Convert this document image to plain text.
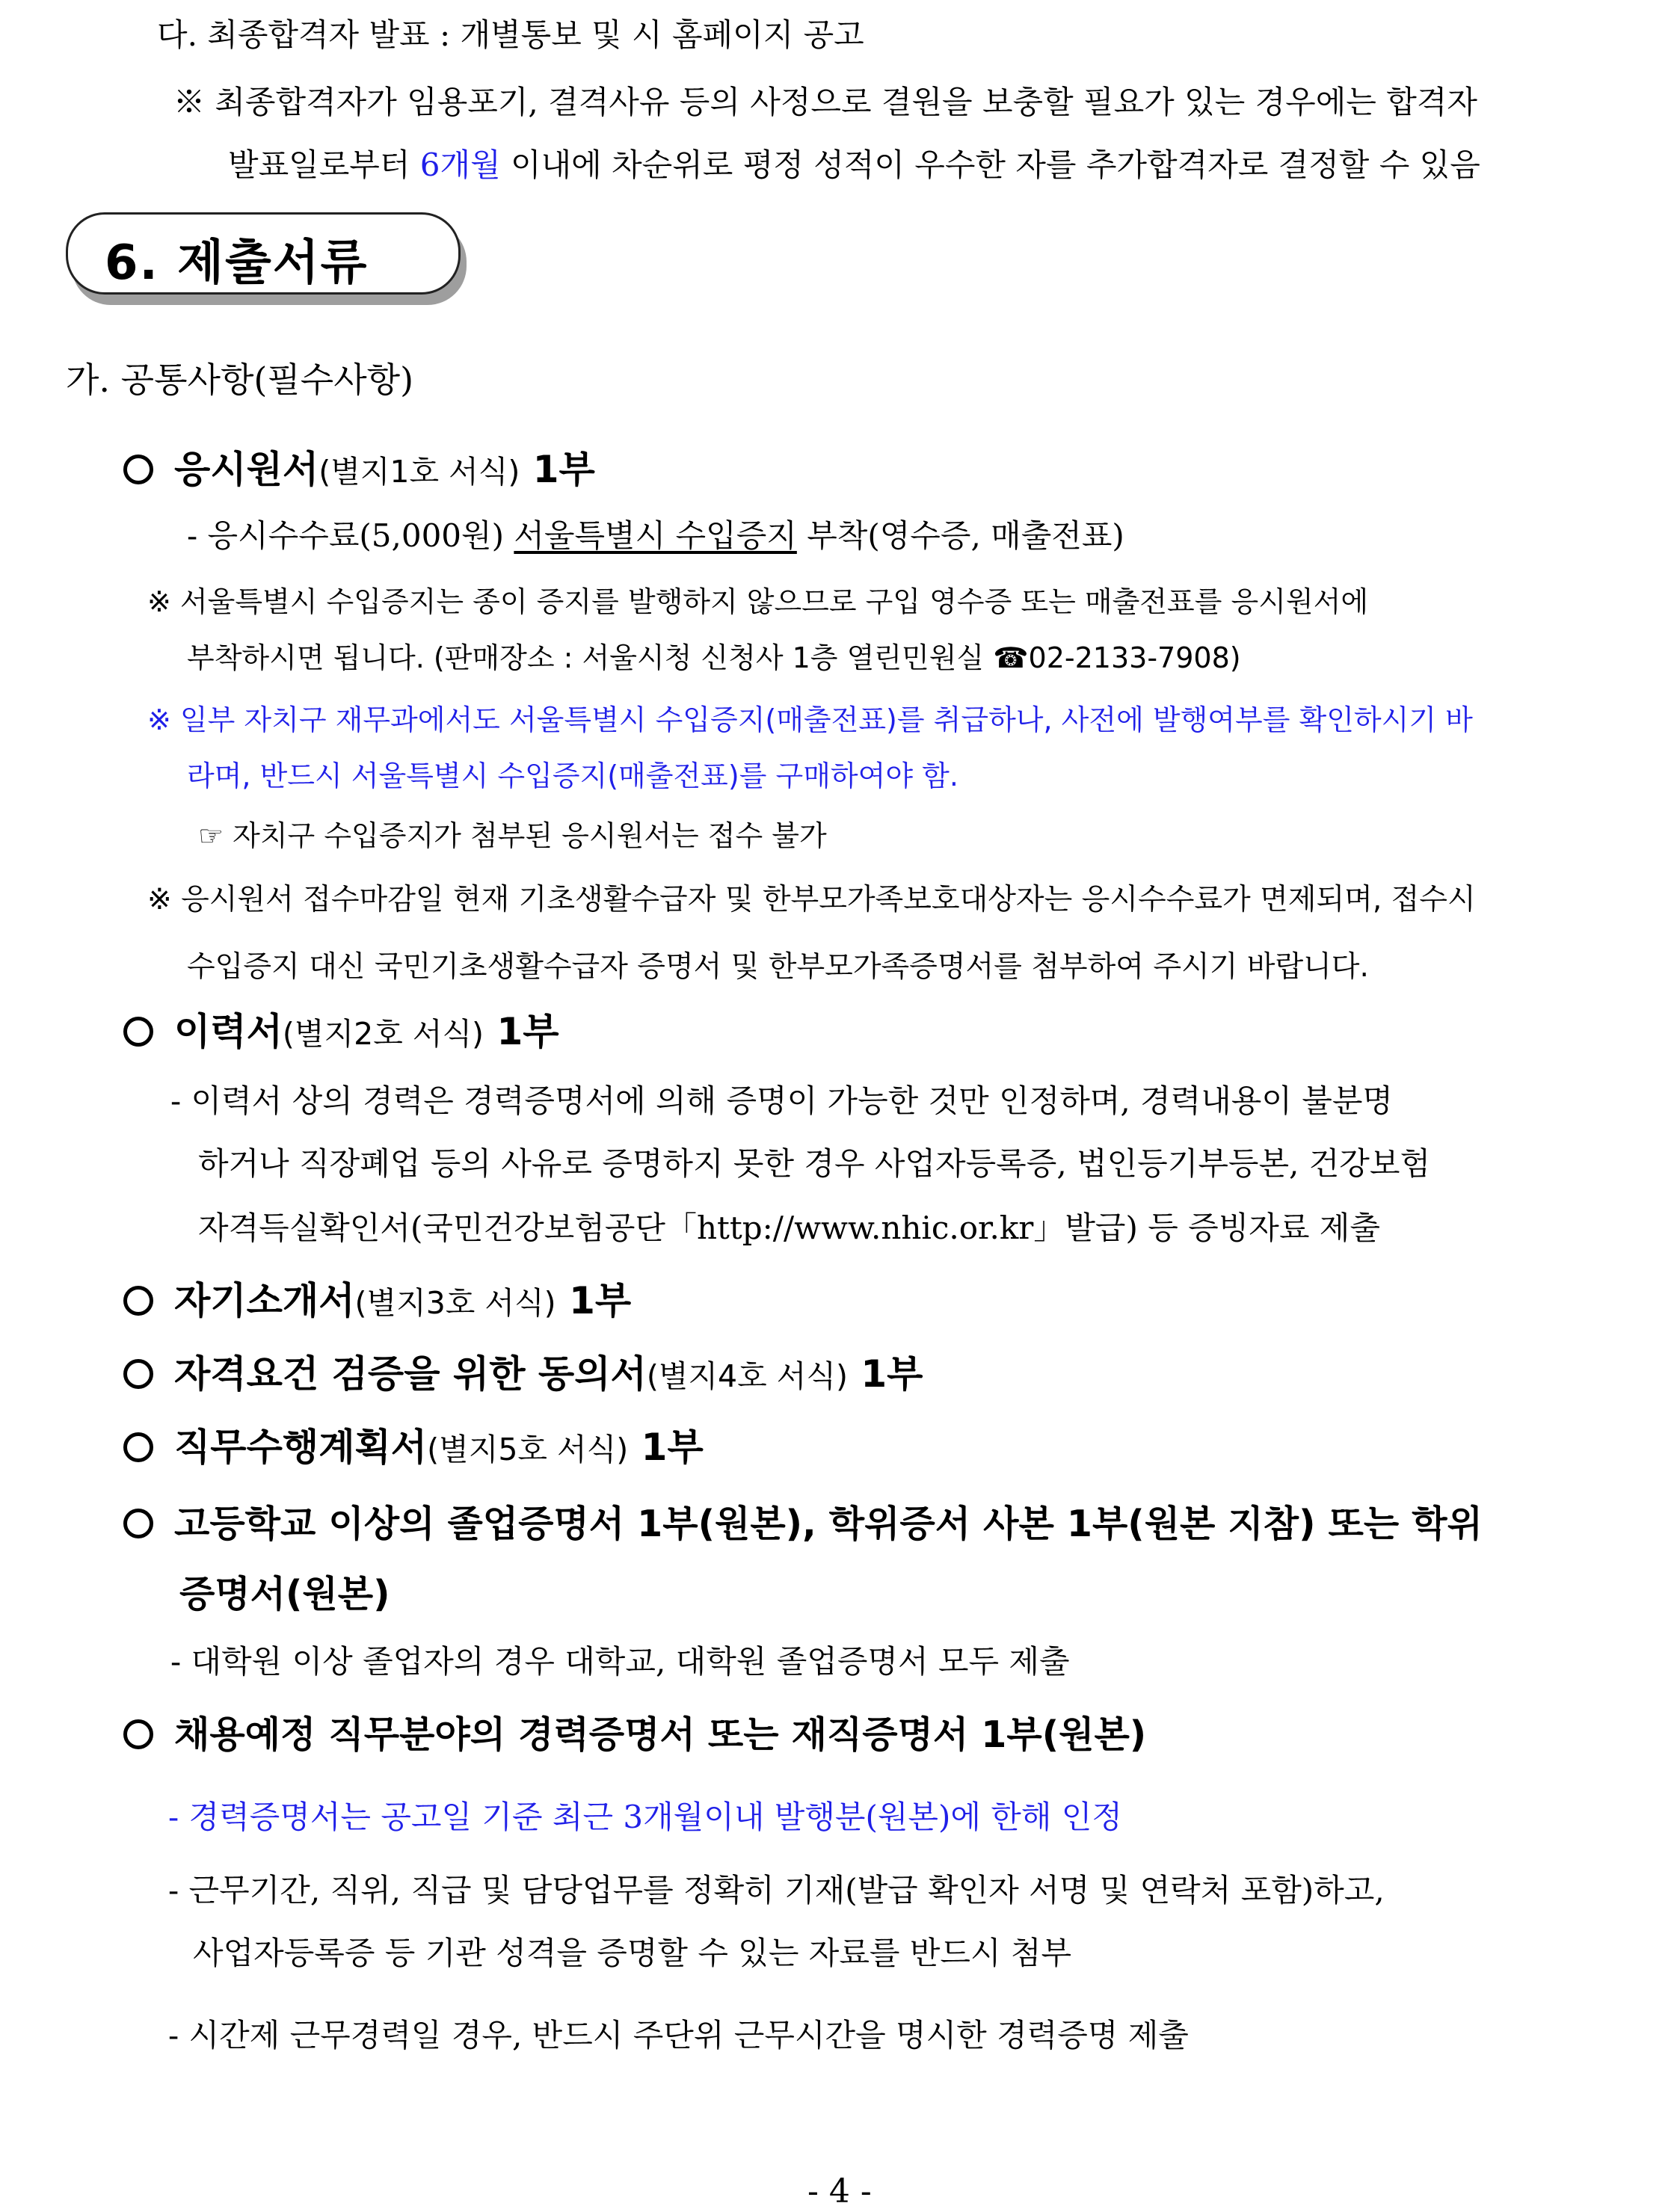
다. 최종합격자 발표 : 개별통보 및 시 홈페이지 공고
※ 최종합격자가 임용포기, 결격사유 등의 사정으로 결원을 보충할 필요가 있는 경우에는 합격자
발표일로부터 6개월 이내에 차순위로 평정 성적이 우수한 자를 추가합격자로 결정할 수 있음
6. 제출서류
가. 공통사항(필수사항)
응시원서(별지1호 서식) 1부
- 응시수수료(5,000원) 서울특별시 수입증지 부착(영수증, 매출전표)
※ 서울특별시 수입증지는 종이 증지를 발행하지 않으므로 구입 영수증 또는 매출전표를 응시원서에
부착하시면 됩니다. (판매장소 : 서울시청 신청사 1층 열린민원실 ☎02-2133-7908)
※ 일부 자치구 재무과에서도 서울특별시 수입증지(매출전표)를 취급하나, 사전에 발행여부를 확인하시기 바
라며, 반드시 서울특별시 수입증지(매출전표)를 구매하여야 함.
☞ 자치구 수입증지가 첨부된 응시원서는 접수 불가
※ 응시원서 접수마감일 현재 기초생활수급자 및 한부모가족보호대상자는 응시수수료가 면제되며, 접수시
수입증지 대신 국민기초생활수급자 증명서 및 한부모가족증명서를 첨부하여 주시기 바랍니다.
이력서(별지2호 서식) 1부
- 이력서 상의 경력은 경력증명서에 의해 증명이 가능한 것만 인정하며, 경력내용이 불분명
하거나 직장폐업 등의 사유로 증명하지 못한 경우 사업자등록증, 법인등기부등본, 건강보험
자격득실확인서(국민건강보험공단「http://www.nhic.or.kr」발급) 등 증빙자료 제출
자기소개서(별지3호 서식) 1부
자격요건 검증을 위한 동의서(별지4호 서식) 1부
직무수행계획서(별지5호 서식) 1부
고등학교 이상의 졸업증명서 1부(원본), 학위증서 사본 1부(원본 지참) 또는 학위
증명서(원본)
- 대학원 이상 졸업자의 경우 대학교, 대학원 졸업증명서 모두 제출
채용예정 직무분야의 경력증명서 또는 재직증명서 1부(원본)
- 경력증명서는 공고일 기준 최근 3개월이내 발행분(원본)에 한해 인정
- 근무기간, 직위, 직급 및 담당업무를 정확히 기재(발급 확인자 서명 및 연락처 포함)하고,
사업자등록증 등 기관 성격을 증명할 수 있는 자료를 반드시 첨부
- 시간제 근무경력일 경우, 반드시 주단위 근무시간을 명시한 경력증명 제출
- 4 -
